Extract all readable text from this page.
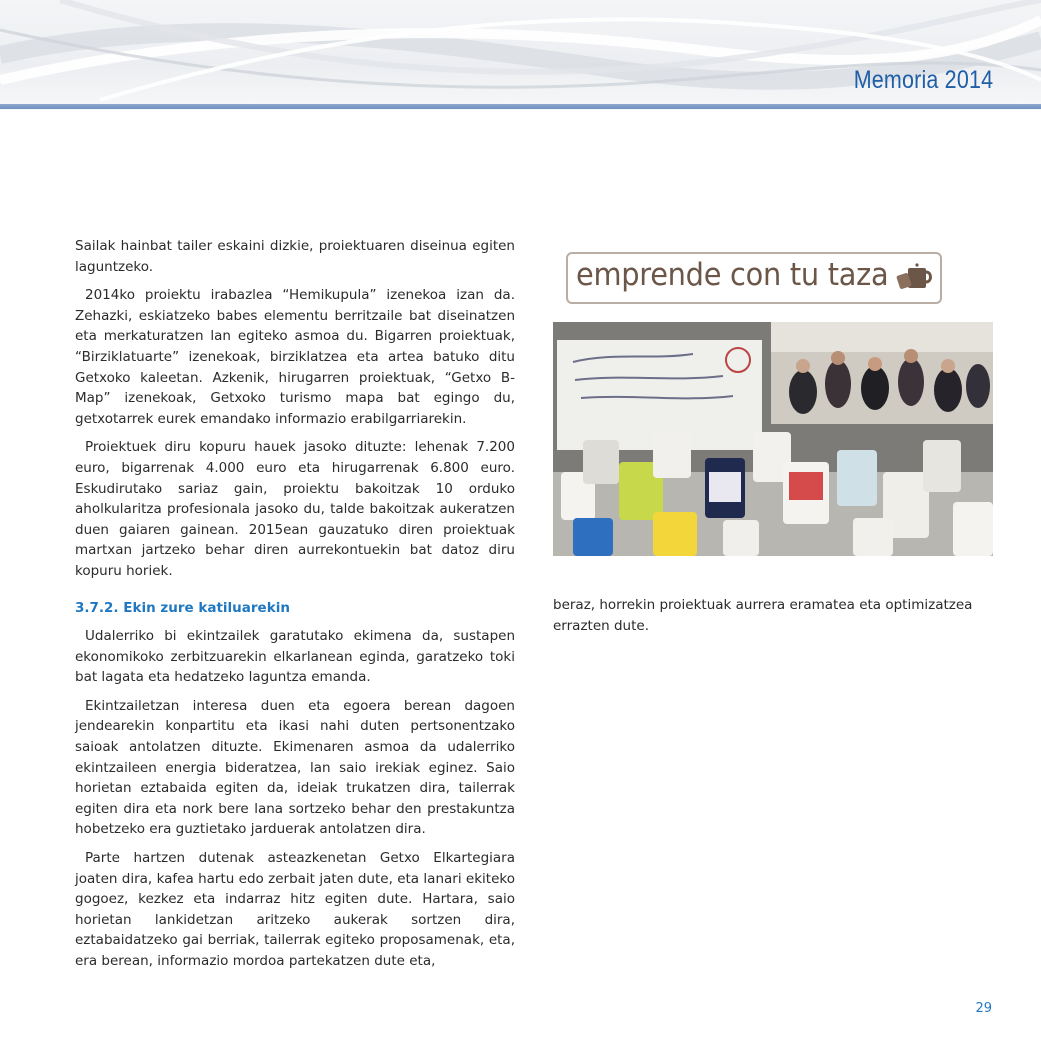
Memoria 2014

Sailak hainbat tailer eskaini dizkie, proiektuaren diseinua egiten laguntzeko.

2014ko proiektu irabazlea “Hemikupula” izenekoa izan da. Zehazki, eskiatzeko babes elementu berritzaile bat diseinatzen eta merkaturatzen lan egiteko asmoa du. Bigarren proiektuak, “Birziklatuarte” izenekoak, birziklatzea eta artea batuko ditu Getxoko kaleetan. Azkenik, hirugarren proiektuak, “Getxo B-Map” izenekoak, Getxoko turismo mapa bat egingo du, getxotarrek eurek emandako informazio erabilgarriarekin.

Proiektuek diru kopuru hauek jasoko dituzte: lehenak 7.200 euro, bigarrenak 4.000 euro eta hirugarrenak 6.800 euro. Eskudirutako sariaz gain, proiektu bakoitzak 10 orduko aholkularitza profesionala jasoko du, talde bakoitzak aukeratzen duen gaiaren gainean. 2015ean gauzatuko diren proiektuak martxan jartzeko behar diren aurrekontuekin bat datoz diru kopuru horiek.

3.7.2. Ekin zure katiluarekin

Udalerriko bi ekintzailek garatutako ekimena da, sustapen ekonomikoko zerbitzuarekin elkarlanean eginda, garatzeko toki bat lagata eta hedatzeko laguntza emanda.

Ekintzailetzan interesa duen eta egoera berean dagoen jendearekin konpartitu eta ikasi nahi duten pertsonentzako saioak antolatzen dituzte. Ekimenaren asmoa da udalerriko ekintzaileen energia bideratzea, lan saio irekiak eginez. Saio horietan eztabaida egiten da, ideiak trukatzen dira, tailerrak egiten dira eta nork bere lana sortzeko behar den prestakuntza hobetzeko era guztietako jarduerak antolatzen dira.

Parte hartzen dutenak asteazkenetan Getxo Elkartegiara joaten dira, kafea hartu edo zerbait jaten dute, eta lanari ekiteko gogoez, kezkez eta indarraz hitz egiten dute. Hartara, saio horietan lankidetzan aritzeko aukerak sortzen dira, eztabaidatzeko gai berriak, tailerrak egiteko proposamenak, eta, era berean, informazio mordoa partekatzen dute eta,

emprende con tu taza

beraz, horrekin proiektuak aurrera eramatea eta optimizatzea errazten dute.

29
